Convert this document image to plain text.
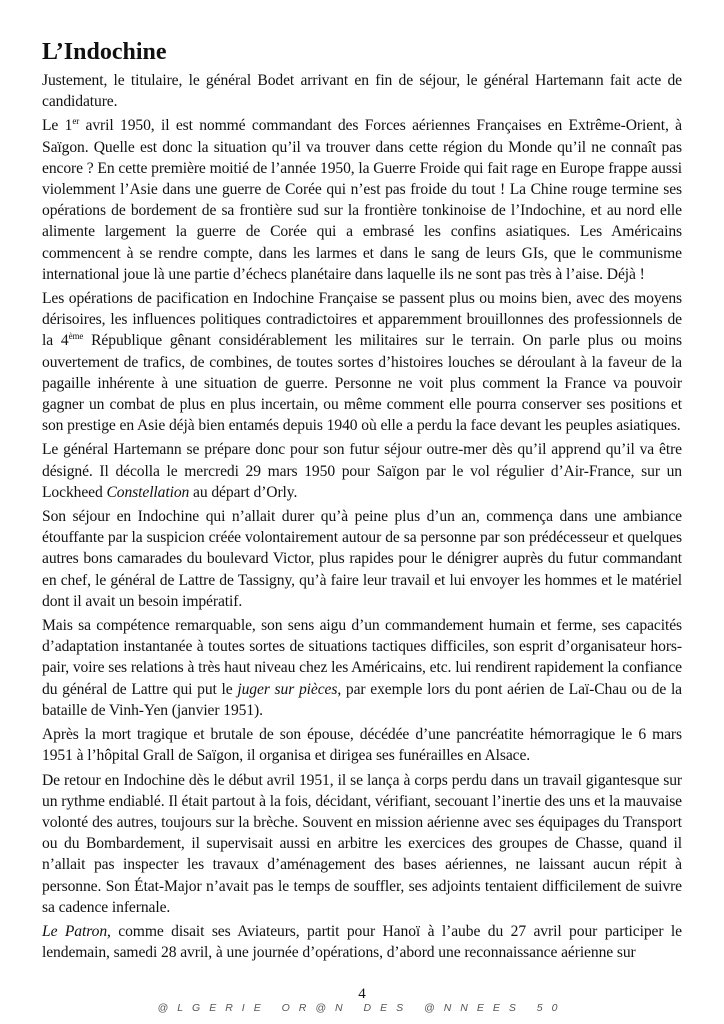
L’Indochine

Justement, le titulaire, le général Bodet arrivant en fin de séjour, le général Hartemann fait acte de candidature.

Le 1er avril 1950, il est nommé commandant des Forces aériennes Françaises en Extrême-Orient, à Saïgon. Quelle est donc la situation qu’il va trouver dans cette région du Monde qu’il ne connaît pas encore ? En cette première moitié de l’année 1950, la Guerre Froide qui fait rage en Europe frappe aussi violemment l’Asie dans une guerre de Corée qui n’est pas froide du tout ! La Chine rouge termine ses opérations de bordement de sa frontière sud sur la frontière tonkinoise de l’Indochine, et au nord elle alimente largement la guerre de Corée qui a embrasé les confins asiatiques. Les Américains commencent à se rendre compte, dans les larmes et dans le sang de leurs GIs, que le communisme international joue là une partie d’échecs planétaire dans laquelle ils ne sont pas très à l’aise. Déjà !

Les opérations de pacification en Indochine Française se passent plus ou moins bien, avec des moyens dérisoires, les influences politiques contradictoires et apparemment brouillonnes des professionnels de la 4ème République gênant considérablement les militaires sur le terrain. On parle plus ou moins ouvertement de trafics, de combines, de toutes sortes d’histoires louches se déroulant à la faveur de la pagaille inhérente à une situation de guerre. Personne ne voit plus comment la France va pouvoir gagner un combat de plus en plus incertain, ou même comment elle pourra conserver ses positions et son prestige en Asie déjà bien entamés depuis 1940 où elle a perdu la face devant les peuples asiatiques.

Le général Hartemann se prépare donc pour son futur séjour outre-mer dès qu’il apprend qu’il va être désigné. Il décolla le mercredi 29 mars 1950 pour Saïgon par le vol régulier d’Air-France, sur un Lockheed Constellation au départ d’Orly.

Son séjour en Indochine qui n’allait durer qu’à peine plus d’un an, commença dans une ambiance étouffante par la suspicion créée volontairement autour de sa personne par son prédécesseur et quelques autres bons camarades du boulevard Victor, plus rapides pour le dénigrer auprès du futur commandant en chef, le général de Lattre de Tassigny, qu’à faire leur travail et lui envoyer les hommes et le matériel dont il avait un besoin impératif.

Mais sa compétence remarquable, son sens aigu d’un commandement humain et ferme, ses capacités d’adaptation instantanée à toutes sortes de situations tactiques difficiles, son esprit d’organisateur hors-pair, voire ses relations à très haut niveau chez les Américains, etc. lui rendirent rapidement la confiance du général de Lattre qui put le juger sur pièces, par exemple lors du pont aérien de Laï-Chau ou de la bataille de Vinh-Yen (janvier 1951).

Après la mort tragique et brutale de son épouse, décédée d’une pancréatite hémorragique le 6 mars 1951 à l’hôpital Grall de Saïgon, il organisa et dirigea ses funérailles en Alsace.

De retour en Indochine dès le début avril 1951, il se lança à corps perdu dans un travail gigantesque sur un rythme endiablé. Il était partout à la fois, décidant, vérifiant, secouant l’inertie des uns et la mauvaise volonté des autres, toujours sur la brèche. Souvent en mission aérienne avec ses équipages du Transport ou du Bombardement, il supervisait aussi en arbitre les exercices des groupes de Chasse, quand il n’allait pas inspecter les travaux d’aménagement des bases aériennes, ne laissant aucun répit à personne. Son État-Major n’avait pas le temps de souffler, ses adjoints tentaient difficilement de suivre sa cadence infernale.

Le Patron, comme disait ses Aviateurs, partit pour Hanoï à l’aube du 27 avril pour participer le lendemain, samedi 28 avril, à une journée d’opérations, d’abord une reconnaissance aérienne sur

4
@LGERIE OR@N DES @NNEES 50
